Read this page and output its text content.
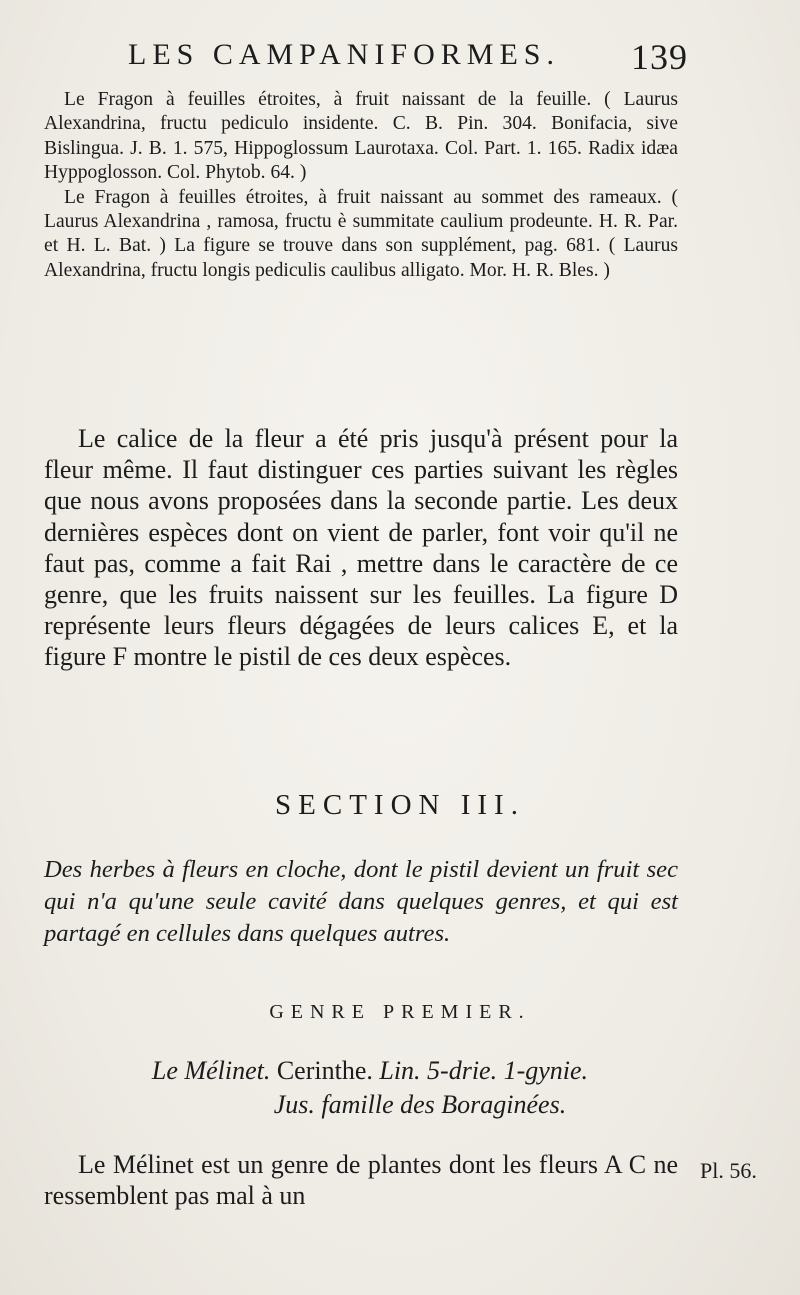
LES CAMPANIFORMES. 139

Le Fragon à feuilles étroites, à fruit naissant de la feuille. ( Laurus Alexandrina, fructu pediculo insidente. C. B. Pin. 304. Bonifacia, sive Bislingua. J. B. 1. 575, Hippoglossum Laurotaxa. Col. Part. 1. 165. Radix idæa Hyppoglosson. Col. Phytob. 64. )

Le Fragon à feuilles étroites, à fruit naissant au sommet des rameaux. ( Laurus Alexandrina , ramosa, fructu è summitate caulium prodeunte. H. R. Par. et H. L. Bat. ) La figure se trouve dans son supplément, pag. 681. ( Laurus Alexandrina, fructu longis pediculis caulibus alligato. Mor. H. R. Bles. )

Le calice de la fleur a été pris jusqu'à présent pour la fleur même. Il faut distinguer ces parties suivant les règles que nous avons proposées dans la seconde partie. Les deux dernières espèces dont on vient de parler, font voir qu'il ne faut pas, comme a fait Rai , mettre dans le caractère de ce genre, que les fruits naissent sur les feuilles. La figure D représente leurs fleurs dégagées de leurs calices E, et la figure F montre le pistil de ces deux espèces.

SECTION III.

Des herbes à fleurs en cloche, dont le pistil devient un fruit sec qui n'a qu'une seule cavité dans quelques genres, et qui est partagé en cellules dans quelques autres.

GENRE PREMIER.
Le Mélinet. Cerinthe. Lin. 5-drie. 1-gynie.
Jus. famille des Boraginées.

Le Mélinet est un genre de plantes dont les fleurs A C ne ressemblent pas mal à un

Pl. 56.
